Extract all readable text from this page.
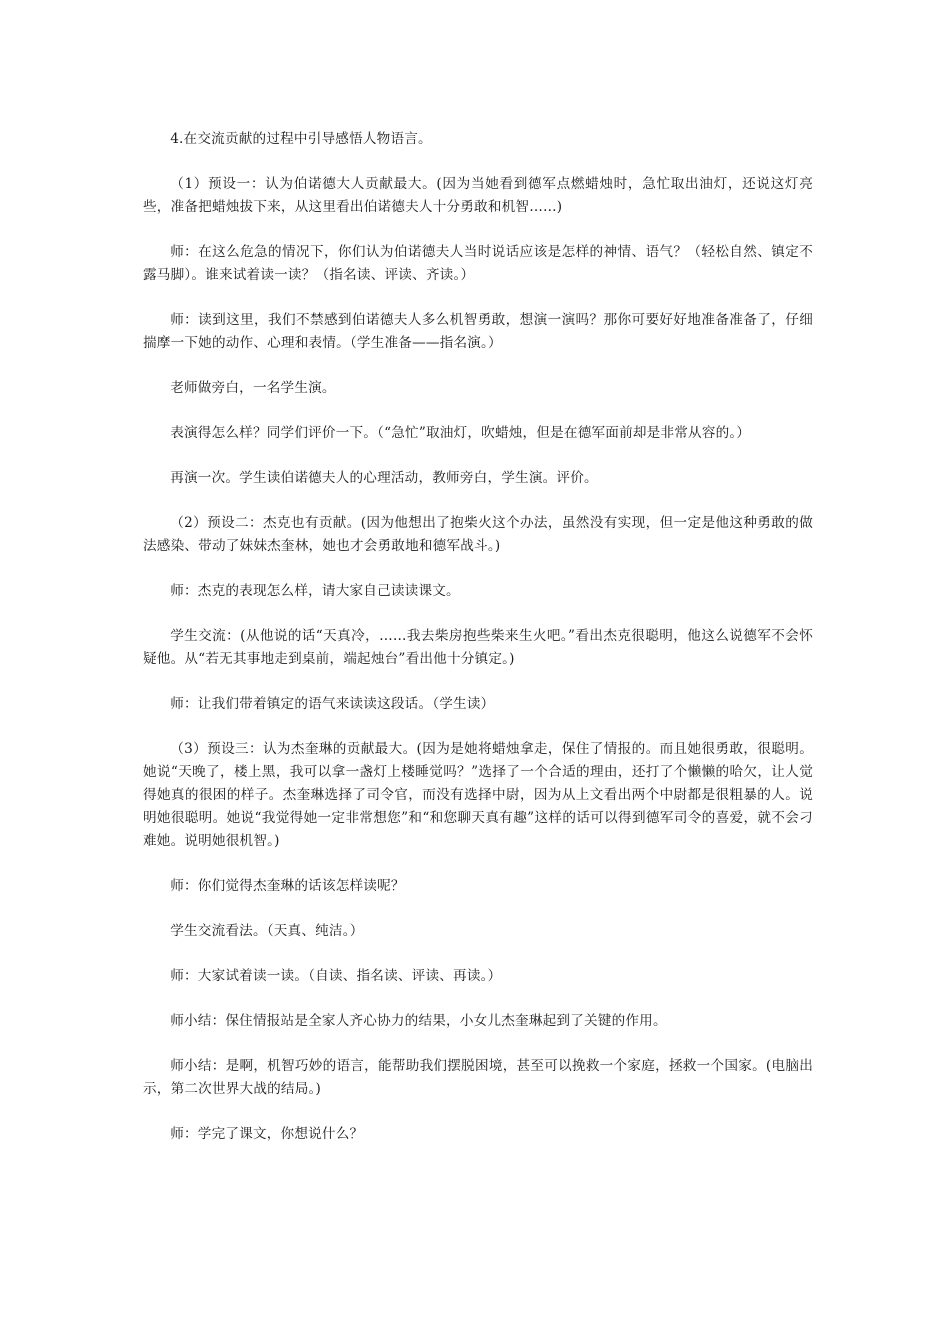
4.在交流贡献的过程中引导感悟人物语言。

（1）预设一：认为伯诺德大人贡献最大。(因为当她看到德军点燃蜡烛时，急忙取出油灯，还说这灯亮些，准备把蜡烛拔下来，从这里看出伯诺德夫人十分勇敢和机智……)

师：在这么危急的情况下，你们认为伯诺德夫人当时说话应该是怎样的神情、语气？（轻松自然、镇定不露马脚）。谁来试着读一读？（指名读、评读、齐读。）

师：读到这里，我们不禁感到伯诺德夫人多么机智勇敢，想演一演吗？那你可要好好地准备准备了，仔细揣摩一下她的动作、心理和表情。（学生准备——指名演。）

老师做旁白，一名学生演。

表演得怎么样？同学们评价一下。（“急忙”取油灯，吹蜡烛，但是在德军面前却是非常从容的。）

再演一次。学生读伯诺德夫人的心理活动，教师旁白，学生演。评价。

（2）预设二：杰克也有贡献。(因为他想出了抱柴火这个办法，虽然没有实现，但一定是他这种勇敢的做法感染、带动了妹妹杰奎林，她也才会勇敢地和德军战斗。)

师：杰克的表现怎么样，请大家自己读读课文。

学生交流：(从他说的话“天真冷，……我去柴房抱些柴来生火吧。”看出杰克很聪明，他这么说德军不会怀疑他。从“若无其事地走到桌前，端起烛台”看出他十分镇定。)

师：让我们带着镇定的语气来读读这段话。（学生读）

（3）预设三：认为杰奎琳的贡献最大。(因为是她将蜡烛拿走，保住了情报的。而且她很勇敢，很聪明。她说“天晚了，楼上黑，我可以拿一盏灯上楼睡觉吗？”选择了一个合适的理由，还打了个懒懒的哈欠，让人觉得她真的很困的样子。杰奎琳选择了司令官，而没有选择中尉，因为从上文看出两个中尉都是很粗暴的人。说明她很聪明。她说“我觉得她一定非常想您”和“和您聊天真有趣”这样的话可以得到德军司令的喜爱，就不会刁难她。说明她很机智。)

师：你们觉得杰奎琳的话该怎样读呢？

学生交流看法。（天真、纯洁。）

师：大家试着读一读。（自读、指名读、评读、再读。）

师小结：保住情报站是全家人齐心协力的结果，小女儿杰奎琳起到了关键的作用。

师小结：是啊，机智巧妙的语言，能帮助我们摆脱困境，甚至可以挽救一个家庭，拯救一个国家。(电脑出示，第二次世界大战的结局。)

师：学完了课文，你想说什么？
